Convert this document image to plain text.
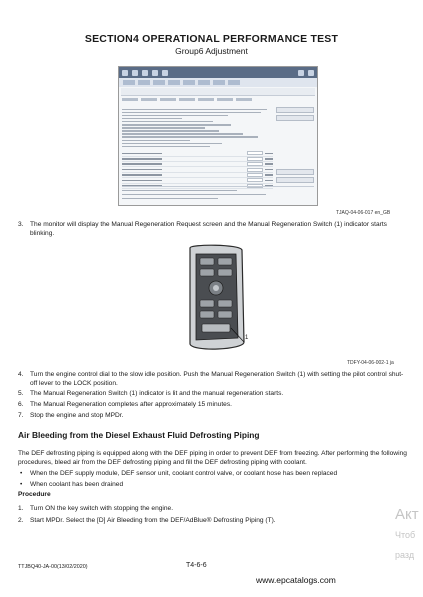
SECTION4 OPERATIONAL PERFORMANCE TEST
Group6 Adjustment
TJAQ-04-06-017 en_GB
3. The monitor will display the Manual Regeneration Request screen and the Manual Regeneration Switch (1) indicator starts blinking.
1
TDFY-04-06-002-1 ja
4. Turn the engine control dial to the slow idle position. Push the Manual Regeneration Switch (1) with setting the pilot control shut-off lever to the LOCK position.
5. The Manual Regeneration Switch (1) indicator is lit and the manual regeneration starts.
6. The Manual Regeneration completes after approximately 15 minutes.
7. Stop the engine and stop MPDr.
Air Bleeding from the Diesel Exhaust Fluid Defrosting Piping
The DEF defrosting piping is equipped along with the DEF piping in order to prevent DEF from freezing. After performing the following procedures, bleed air from the DEF defrosting piping and fill the DEF defrosting piping with coolant.
• When the DEF supply module, DEF sensor unit, coolant control valve, or coolant hose has been replaced
• When coolant has been drained
Procedure
1. Turn ON the key switch with stopping the engine.
2. Start MPDr. Select the [D] Air Bleeding from the DEF/AdBlue® Defrosting Piping (T).	Акт
Чтоб
разд
TTJBQ40-JA-00(13/02/2020)	T4-6-6
www.epcatalogs.com
